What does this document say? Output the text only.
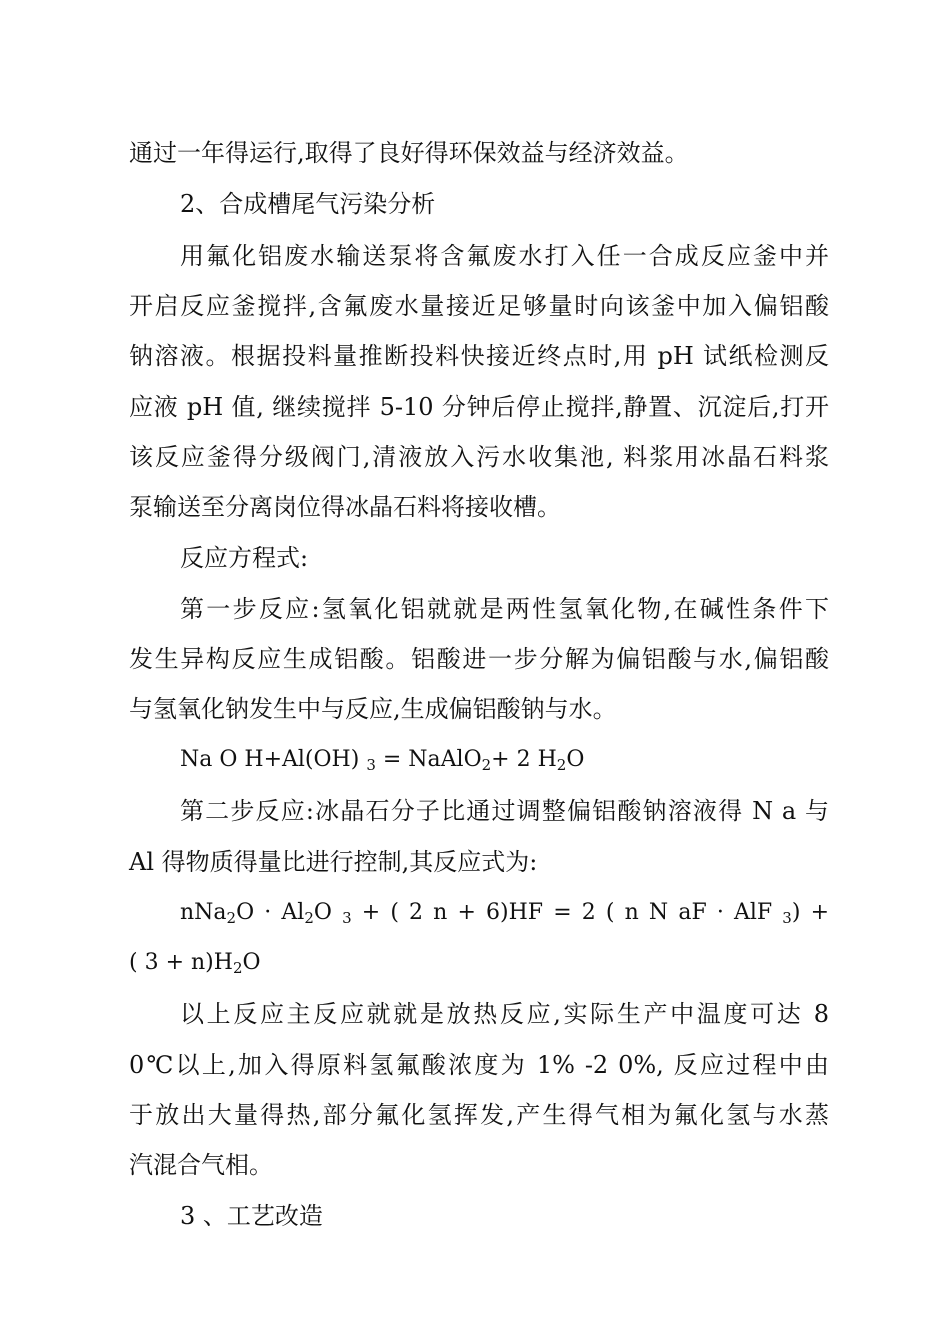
通过一年得运行,取得了良好得环保效益与经济效益。
2、合成槽尾气污染分析
用氟化铝废水输送泵将含氟废水打入任一合成反应釜中并
开启反应釜搅拌,含氟废水量接近足够量时向该釜中加入偏铝酸
钠溶液。根据投料量推断投料快接近终点时,用 pH 试纸检测反
应液 pH 值, 继续搅拌 5-10 分钟后停止搅拌,静置、沉淀后,打开
该反应釜得分级阀门,清液放入污水收集池, 料浆用冰晶石料浆
泵输送至分离岗位得冰晶石料将接收槽。
反应方程式:
第一步反应:氢氧化铝就就是两性氢氧化物,在碱性条件下
发生异构反应生成铝酸。铝酸进一步分解为偏铝酸与水,偏铝酸
与氢氧化钠发生中与反应,生成偏铝酸钠与水。
Na O H+Al(OH) $_3$ = NaAlO$_2$+ 2 $H_2O$
第二步反应:冰晶石分子比通过调整偏铝酸钠溶液得 N a 与
Al 得物质得量比进行控制,其反应式为:
$nNa_2O \cdot Al_2O$ $_3$ + ( 2 n + 6)HF = 2 ( n N aF · AlF $_3$) +
( $3 + n)H_2O$
以上反应主反应就就是放热反应,实际生产中温度可达 8
0℃以上,加入得原料氢氟酸浓度为 1% -2 0%, 反应过程中由
于放出大量得热,部分氟化氢挥发,产生得气相为氟化氢与水蒸
汽混合气相。
3 、工艺改造
